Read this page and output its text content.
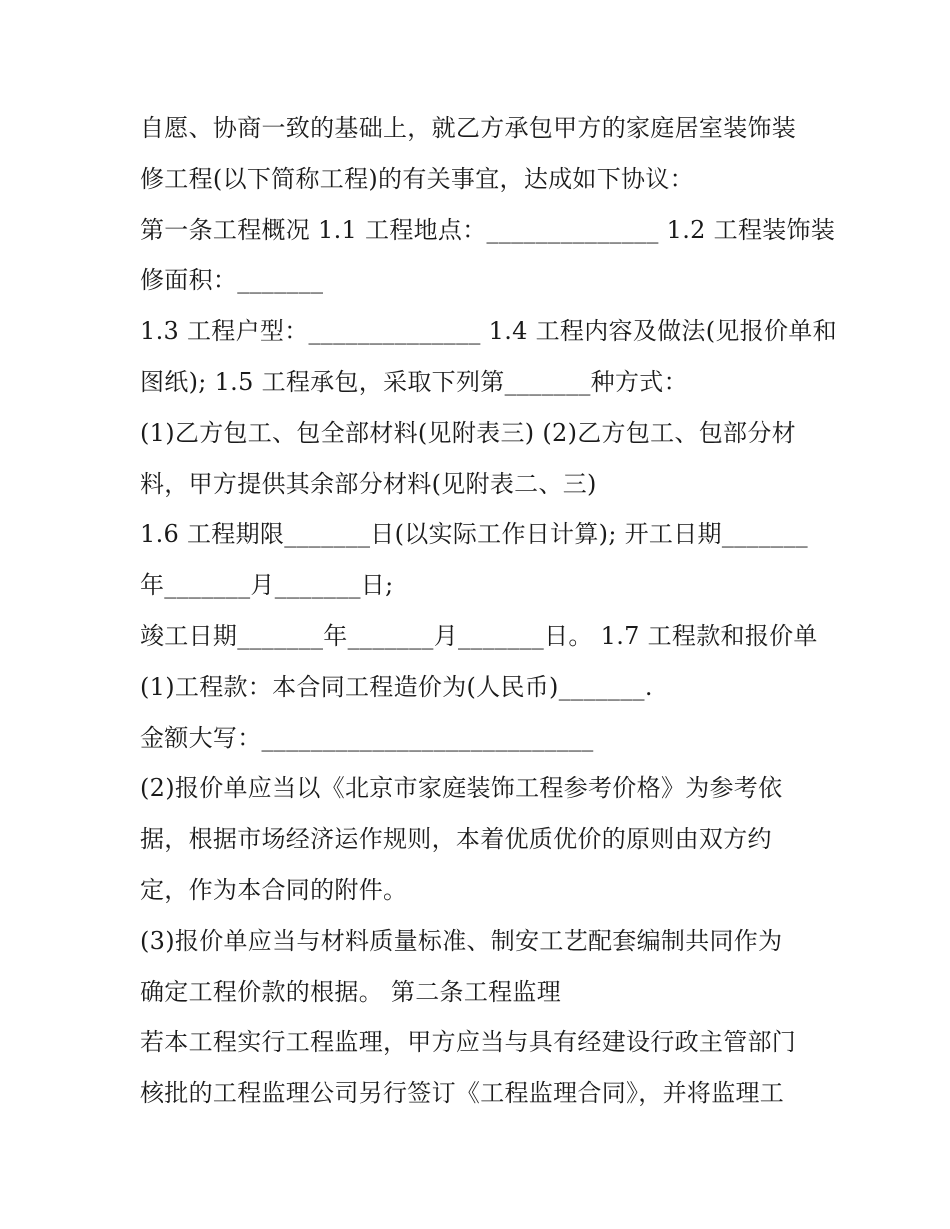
自愿、协商一致的基础上，就乙方承包甲方的家庭居室装饰装
修工程(以下简称工程)的有关事宜，达成如下协议：
第一条工程概况 1.1 工程地点：______________ 1.2 工程装饰装
修面积：_______
1.3 工程户型：______________ 1.4 工程内容及做法(见报价单和
图纸); 1.5 工程承包，采取下列第_______种方式：
(1)乙方包工、包全部材料(见附表三) (2)乙方包工、包部分材
料，甲方提供其余部分材料(见附表二、三)
1.6 工程期限_______日(以实际工作日计算); 开工日期_______
年_______月_______日;
竣工日期_______年_______月_______日。 1.7 工程款和报价单
(1)工程款：本合同工程造价为(人民币)_______.
金额大写：___________________________
(2)报价单应当以《北京市家庭装饰工程参考价格》为参考依
据，根据市场经济运作规则，本着优质优价的原则由双方约
定，作为本合同的附件。
(3)报价单应当与材料质量标准、制安工艺配套编制共同作为
确定工程价款的根据。 第二条工程监理
若本工程实行工程监理，甲方应当与具有经建设行政主管部门
核批的工程监理公司另行签订《工程监理合同》，并将监理工
